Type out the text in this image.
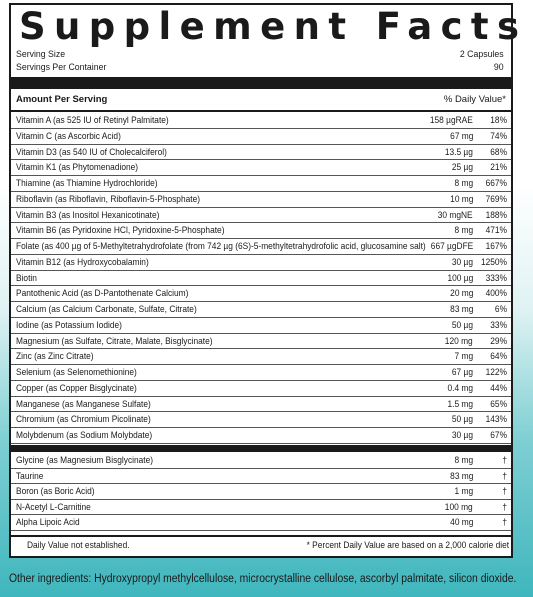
Supplement Facts
Serving Size	2 Capsules
Servings Per Container	90
Amount Per Serving	% Daily Value*
Vitamin A (as 525 IU of Retinyl Palmitate)	158 µgRAE	18%
Vitamin C (as Ascorbic Acid)	67 mg	74%
Vitamin D3 (as 540 IU of Cholecalciferol)	13.5 µg	68%
Vitamin K1 (as Phytomenadione)	25 µg	21%
Thiamine (as Thiamine Hydrochloride)	8 mg	667%
Riboflavin (as Riboflavin, Riboflavin-5-Phosphate)	10 mg	769%
Vitamin B3 (as Inositol Hexanicotinate)	30 mgNE	188%
Vitamin B6 (as Pyridoxine HCl, Pyridoxine-5-Phosphate)	8 mg	471%
Folate (as 400 µg of 5-Methyltetrahydrofolate (from 742 µg (6S)-5-methyltetrahydrofolic acid, glucosamine salt) 667 µgDFE	167%
Vitamin B12 (as Hydroxycobalamin)	30 µg 1250%
Biotin	100 µg	333%
Pantothenic Acid (as D-Pantothenate Calcium)	20 mg	400%
Calcium (as Calcium Carbonate, Sulfate, Citrate)	83 mg	6%
Iodine (as Potassium Iodide)	50 µg	33%
Magnesium (as Sulfate, Citrate, Malate, Bisglycinate)	120 mg	29%
Zinc (as Zinc Citrate)	7 mg	64%
Selenium (as Selenomethionine)	67 µg	122%
Copper (as Copper Bisglycinate)	0.4 mg	44%
Manganese (as Manganese Sulfate)	1.5 mg	65%
Chromium (as Chromium Picolinate)	50 µg	143%
Molybdenum (as Sodium Molybdate)	30 µg	67%
Glycine (as Magnesium Bisglycinate)	8 mg	†
Taurine	83 mg	†
Boron (as Boric Acid)	1 mg	†
N-Acetyl L-Carnitine	100 mg	†
Alpha Lipoic Acid	40 mg	†
Daily Value not established.	* Percent Daily Value are based on a 2,000 calorie diet
Other ingredients: Hydroxypropyl methylcellulose, microcrystalline cellulose, ascorbyl palmitate, silicon dioxide.
